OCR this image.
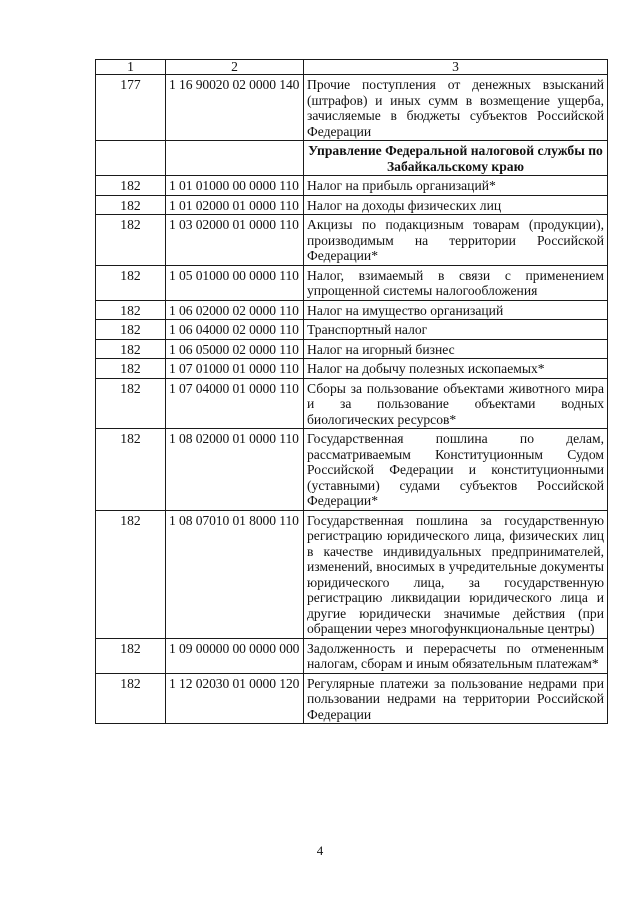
1	2	3
177	1 16 90020 02 0000 140	Прочие поступления от денежных взысканий (штрафов) и иных сумм в возмещение ущерба, зачисляемые в бюджеты субъектов Российской Федерации
		Управление Федеральной налоговой службы по Забайкальскому краю
182	1 01 01000 00 0000 110	Налог на прибыль организаций*
182	1 01 02000 01 0000 110	Налог на доходы физических лиц
182	1 03 02000 01 0000 110	Акцизы по подакцизным товарам (продукции), производимым на территории Российской Федерации*
182	1 05 01000 00 0000 110	Налог, взимаемый в связи с применением упрощенной системы налогообложения
182	1 06 02000 02 0000 110	Налог на имущество организаций
182	1 06 04000 02 0000 110	Транспортный налог
182	1 06 05000 02 0000 110	Налог на игорный бизнес
182	1 07 01000 01 0000 110	Налог на добычу полезных ископаемых*
182	1 07 04000 01 0000 110	Сборы за пользование объектами животного мира и за пользование объектами водных биологических ресурсов*
182	1 08 02000 01 0000 110	Государственная пошлина по делам, рассматриваемым Конституционным Судом Российской Федерации и конституционными (уставными) судами субъектов Российской Федерации*
182	1 08 07010 01 8000 110	Государственная пошлина за государственную регистрацию юридического лица, физических лиц в качестве индивидуальных предпринимателей, изменений, вносимых в учредительные документы юридического лица, за государственную регистрацию ликвидации юридического лица и другие юридически значимые действия (при обращении через многофункциональные центры)
182	1 09 00000 00 0000 000	Задолженность и перерасчеты по отмененным налогам, сборам и иным обязательным платежам*
182	1 12 02030 01 0000 120	Регулярные платежи за пользование недрами при пользовании недрами на территории Российской Федерации
4
